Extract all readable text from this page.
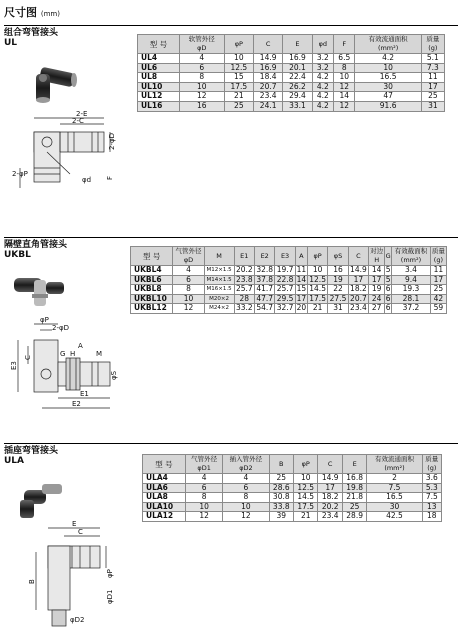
尺寸图 (mm)
组合弯管接头
UL
2-E
2-C
2-φD
2-φP
φd F
型 号	软管外径
φD	φP	C	E	φd	F	有效流通面积
(mm²)	质量
(g)
UL4	4	10	14.9	16.9	3.2	6.5	4.2	5.1
UL6	6	12.5	16.9	20.1	3.2	8	10	7.3
UL8	8	15	18.4	22.4	4.2	10	16.5	11
UL10	10	17.5	20.7	26.2	4.2	12	30	17
UL12	12	21	23.4	29.4	4.2	14	47	25
UL16	16	25	24.1	33.1	4.2	12	91.6	31
隔壁直角管接头
UKBL
φP
2-φD
C
A
H
G	M
E3
φS
E1
E2
型 号	气管外径
φD	M	E1	E2	E3	A	φP	φS	C	对边
H	G	有效截面积
(mm²)	质量
(g)
UKBL4	4	M12×1.5	20.2	32.8	19.7	11	10	16	14.9	14	5	3.4	11
UKBL6	6	M14×1.5	23.8	37.8	22.8	14	12.5	19	17	17	5	9.4	17
UKBL8	8	M16×1.5	25.7	41.7	25.7	15	14.5	22	18.2	19	6	19.3	25
UKBL10	10	M20×2	28	47.7	29.5	17	17.5	27.5	20.7	24	6	28.1	42
UKBL12	12	M24×2	33.2	54.7	32.7	20	21	31	23.4	27	6	37.2	59
插座弯管接头
ULA
E
C
φP
φD1
B
φD2
型 号	气管外径
φD1	插入管外径
φD2	B	φP	C	E	有效流通面积
(mm²)	质量
(g)
ULA4	4	4	25	10	14.9	16.8	2	3.6
ULA6	6	6	28.6	12.5	17	19.8	7.5	5.3
ULA8	8	8	30.8	14.5	18.2	21.8	16.5	7.5
ULA10	10	10	33.8	17.5	20.2	25	30	13
ULA12	12	12	39	21	23.4	28.9	42.5	18
